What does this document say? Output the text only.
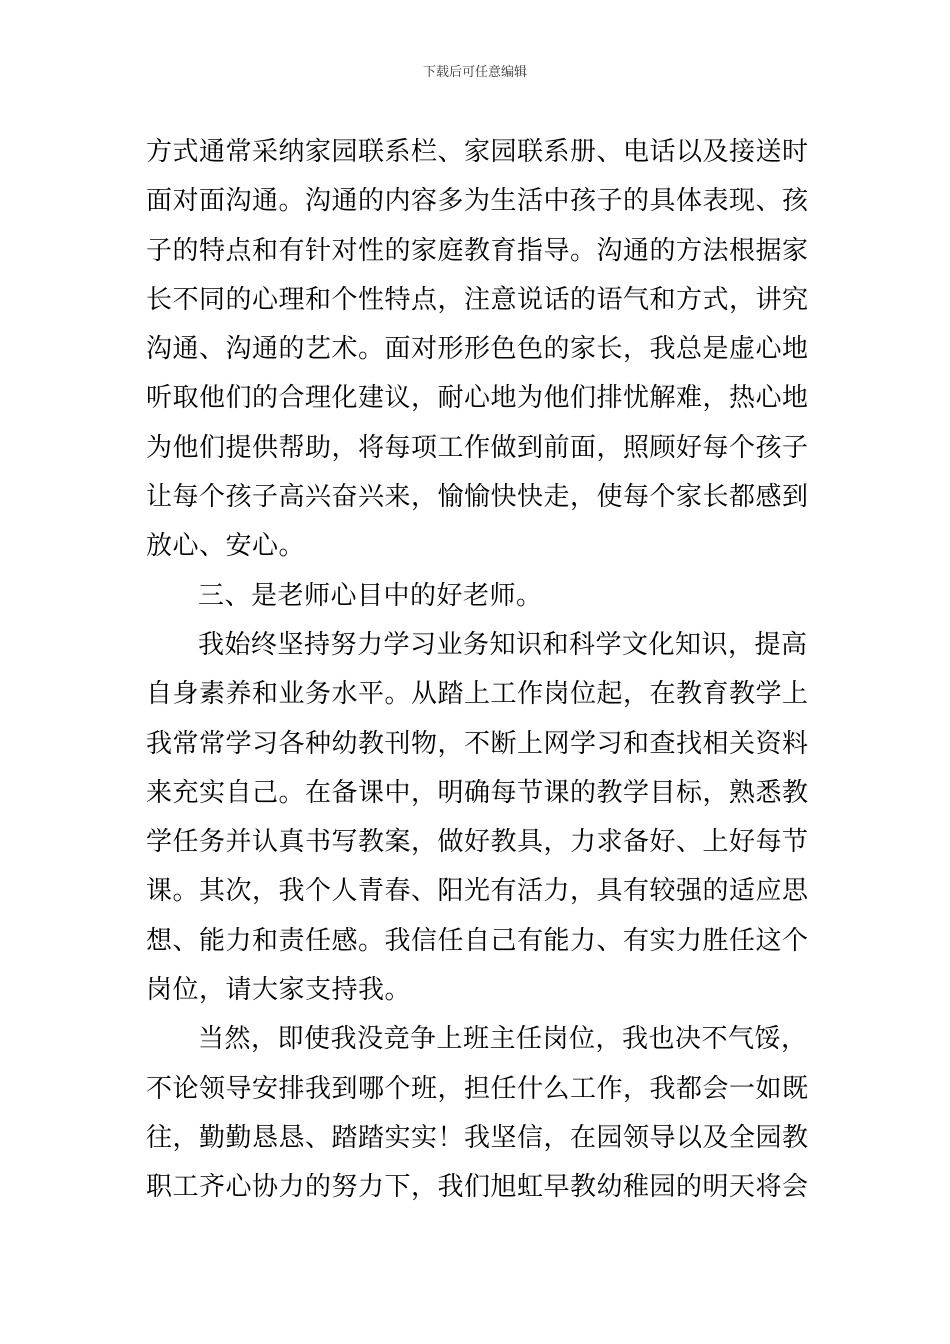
下载后可任意编辑
方式通常采纳家园联系栏、家园联系册、电话以及接送时
面对面沟通。沟通的内容多为生活中孩子的具体表现、孩
子的特点和有针对性的家庭教育指导。沟通的方法根据家
长不同的心理和个性特点，注意说话的语气和方式，讲究
沟通、沟通的艺术。面对形形色色的家长，我总是虚心地
听取他们的合理化建议，耐心地为他们排忧解难，热心地
为他们提供帮助，将每项工作做到前面，照顾好每个孩子
让每个孩子高兴奋兴来，愉愉快快走，使每个家长都感到
放心、安心。
三、是老师心目中的好老师。
我始终坚持努力学习业务知识和科学文化知识，提高
自身素养和业务水平。从踏上工作岗位起，在教育教学上
我常常学习各种幼教刊物，不断上网学习和查找相关资料
来充实自己。在备课中，明确每节课的教学目标，熟悉教
学任务并认真书写教案，做好教具，力求备好、上好每节
课。其次，我个人青春、阳光有活力，具有较强的适应思
想、能力和责任感。我信任自己有能力、有实力胜任这个
岗位，请大家支持我。
当然，即使我没竞争上班主任岗位，我也决不气馁，
不论领导安排我到哪个班，担任什么工作，我都会一如既
往，勤勤恳恳、踏踏实实！我坚信，在园领导以及全园教
职工齐心协力的努力下，我们旭虹早教幼稚园的明天将会
